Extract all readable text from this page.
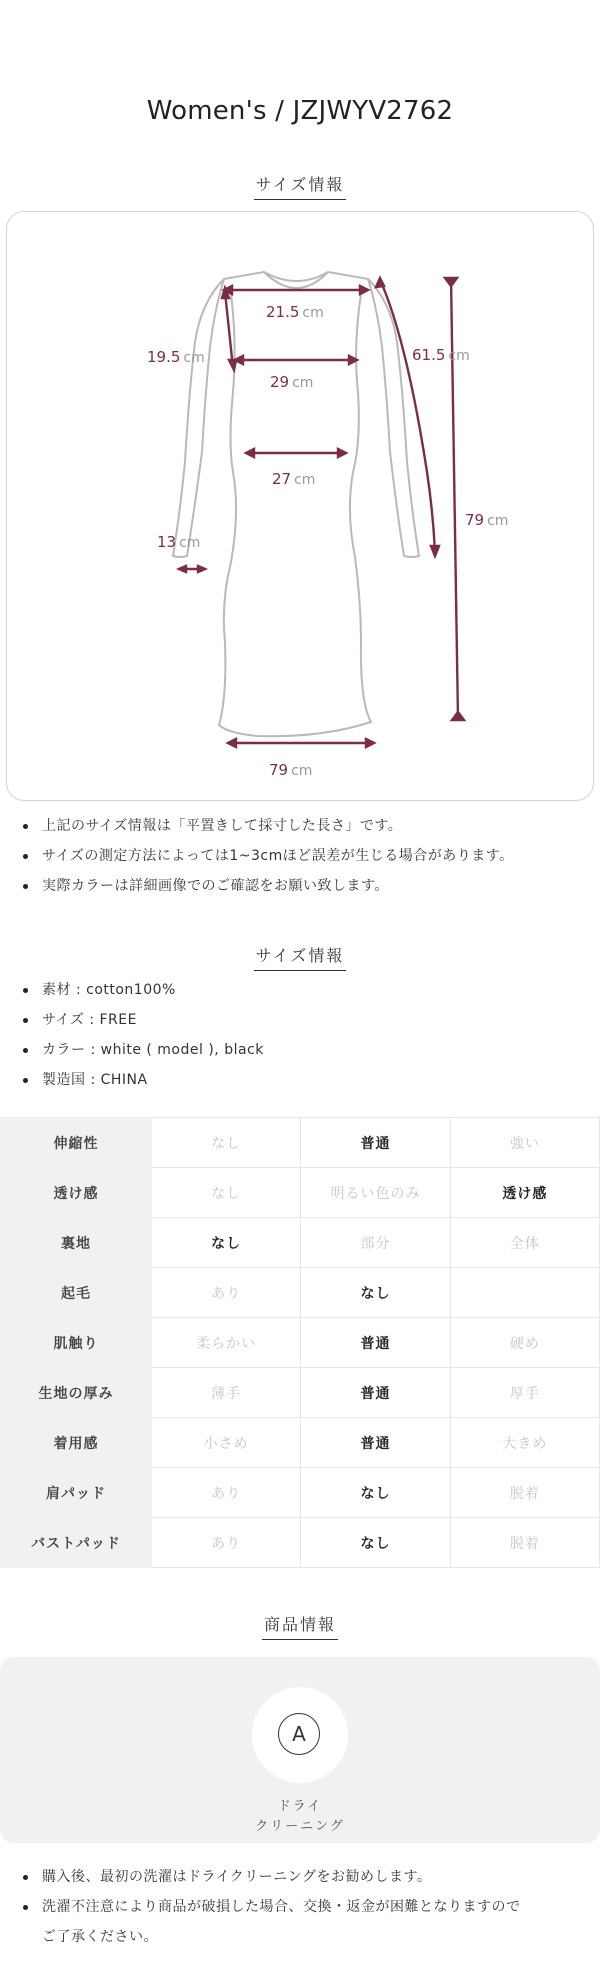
Women's / JZJWYV2762
サイズ情報
21.5 cm
29 cm
19.5 cm	61.5 cm
27 cm
13 cm
79 cm
79 cm
上記のサイズ情報は「平置きして採寸した長さ」です。
サイズの測定方法によっては1~3cmほど誤差が生じる場合があります。
実際カラーは詳細画像でのご確認をお願い致します。
サイズ情報
素材 : cotton100%
サイズ : FREE
カラー : white ( model ), black
製造国 : CHINA
伸縮性	なし	普通	強い
透け感	なし	明るい色のみ	透け感
裏地	なし	部分	全体
起毛	あり	なし	
肌触り	柔らかい	普通	硬め
生地の厚み	薄手	普通	厚手
着用感	小さめ	普通	大きめ
肩パッド	あり	なし	脱着
バストパッド	あり	なし	脱着
商品情報
A
ドライ
クリーニング
購入後、最初の洗濯はドライクリーニングをお勧めします。
洗濯不注意により商品が破損した場合、交換・返金が困難となりますので
ご了承ください。
